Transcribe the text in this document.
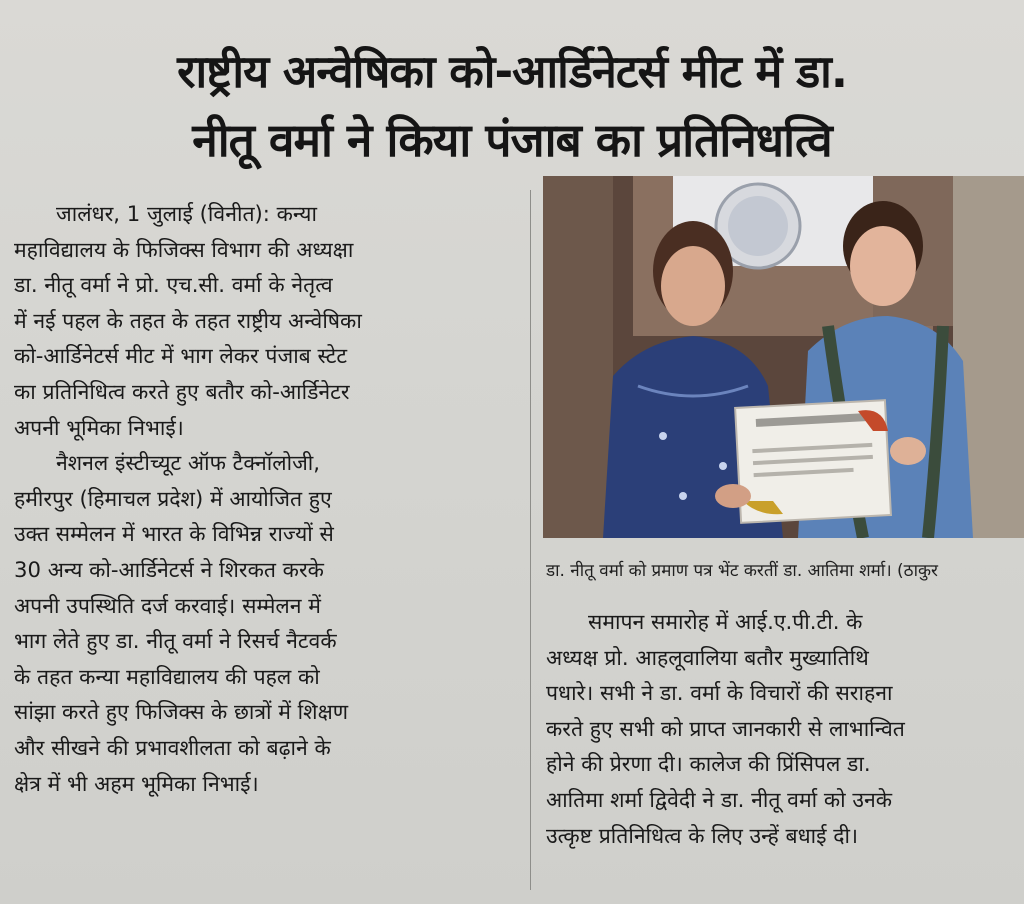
राष्ट्रीय अन्वेषिका को-आर्डिनेटर्स मीट में डा.
नीतू वर्मा ने किया पंजाब का प्रतिनिधत्वि
जालंधर, 1 जुलाई (विनीत): कन्या
महाविद्यालय के फिजिक्स विभाग की अध्यक्षा
डा. नीतू वर्मा ने प्रो. एच.सी. वर्मा के नेतृत्व
में नई पहल के तहत के तहत राष्ट्रीय अन्वेषिका
को-आर्डिनेटर्स मीट में भाग लेकर पंजाब स्टेट
का प्रतिनिधित्व करते हुए बतौर को-आर्डिनेटर
अपनी भूमिका निभाई।
नैशनल इंस्टीच्यूट ऑफ टैक्नॉलोजी,
हमीरपुर (हिमाचल प्रदेश) में आयोजित हुए
उक्त सम्मेलन में भारत के विभिन्न राज्यों से
30 अन्य को-आर्डिनेटर्स ने शिरकत करके
अपनी उपस्थिति दर्ज करवाई। सम्मेलन में
भाग लेते हुए डा. नीतू वर्मा ने रिसर्च नैटवर्क
के तहत कन्या महाविद्यालय की पहल को
सांझा करते हुए फिजिक्स के छात्रों में शिक्षण
और सीखने की प्रभावशीलता को बढ़ाने के
क्षेत्र में भी अहम भूमिका निभाई।
डा. नीतू वर्मा को प्रमाण पत्र भेंट करतीं डा. आतिमा शर्मा। (ठाकुर
समापन समारोह में आई.ए.पी.टी. के
अध्यक्ष प्रो. आहलूवालिया बतौर मुख्यातिथि
पधारे। सभी ने डा. वर्मा के विचारों की सराहना
करते हुए सभी को प्राप्त जानकारी से लाभान्वित
होने की प्रेरणा दी। कालेज की प्रिंसिपल डा.
आतिमा शर्मा द्विवेदी ने डा. नीतू वर्मा को उनके
उत्कृष्ट प्रतिनिधित्व के लिए उन्हें बधाई दी।
